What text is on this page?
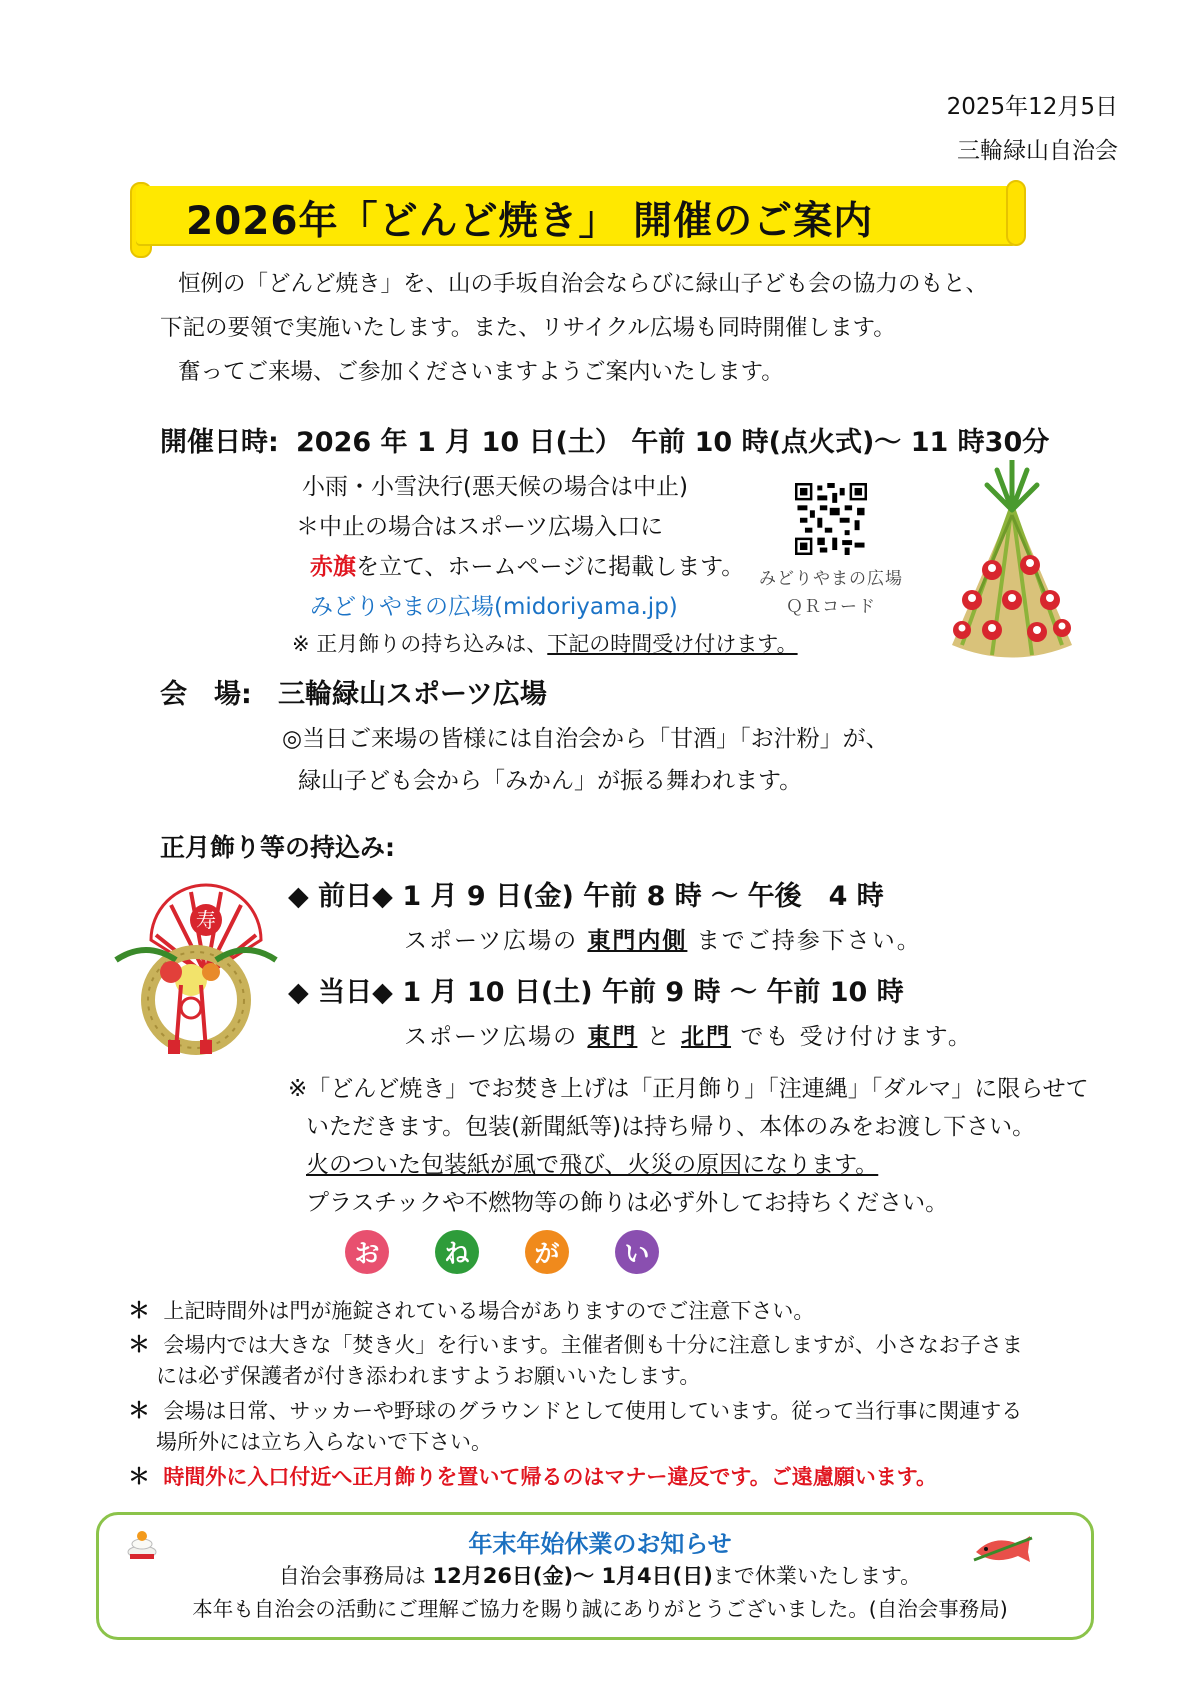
2025年12月5日
三輪緑山自治会
2026年「どんど焼き」 開催のご案内
恒例の「どんど焼き」を、山の手坂自治会ならびに緑山子ども会の協力のもと、
下記の要領で実施いたします。また、リサイクル広場も同時開催します。
奮ってご来場、ご参加くださいますようご案内いたします。
開催日時: 2026 年 1 月 10 日(土） 午前 10 時(点火式)～ 11 時30分
小雨・小雪決行(悪天候の場合は中止)
＊中止の場合はスポーツ広場入口に
赤旗を立て、ホームページに掲載します。
みどりやまの広場(midoriyama.jp)
※ 正月飾りの持ち込みは、下記の時間受け付けます。
みどりやまの広場
ＱＲコード
会　場: 三輪緑山スポーツ広場
◎当日ご来場の皆様には自治会から「甘酒」「お汁粉」が、
緑山子ども会から「みかん」が振る舞われます。
正月飾り等の持込み:
寿
◆ 前日◆ 1 月 9 日(金) 午前 8 時 ～ 午後　4 時
スポーツ広場の 東門内側 までご持参下さい。
◆ 当日◆ 1 月 10 日(土) 午前 9 時 ～ 午前 10 時
スポーツ広場の 東門 と 北門 でも 受け付けます。
※「どんど焼き」でお焚き上げは「正月飾り」「注連縄」「ダルマ」に限らせて
いただきます。包装(新聞紙等)は持ち帰り、本体のみをお渡し下さい。
火のついた包装紙が風で飛び、火災の原因になります。
プラスチックや不燃物等の飾りは必ず外してお持ちください。
お	ね	が	い
＊ 上記時間外は門が施錠されている場合がありますのでご注意下さい。
＊ 会場内では大きな「焚き火」を行います。主催者側も十分に注意しますが、小さなお子さま
には必ず保護者が付き添われますようお願いいたします。
＊ 会場は日常、サッカーや野球のグラウンドとして使用しています。従って当行事に関連する
場所外には立ち入らないで下さい。
＊ 時間外に入口付近へ正月飾りを置いて帰るのはマナー違反です。ご遠慮願います。
年末年始休業のお知らせ
自治会事務局は 12月26日(金)～ 1月4日(日)まで休業いたします。
本年も自治会の活動にご理解ご協力を賜り誠にありがとうございました。(自治会事務局)
